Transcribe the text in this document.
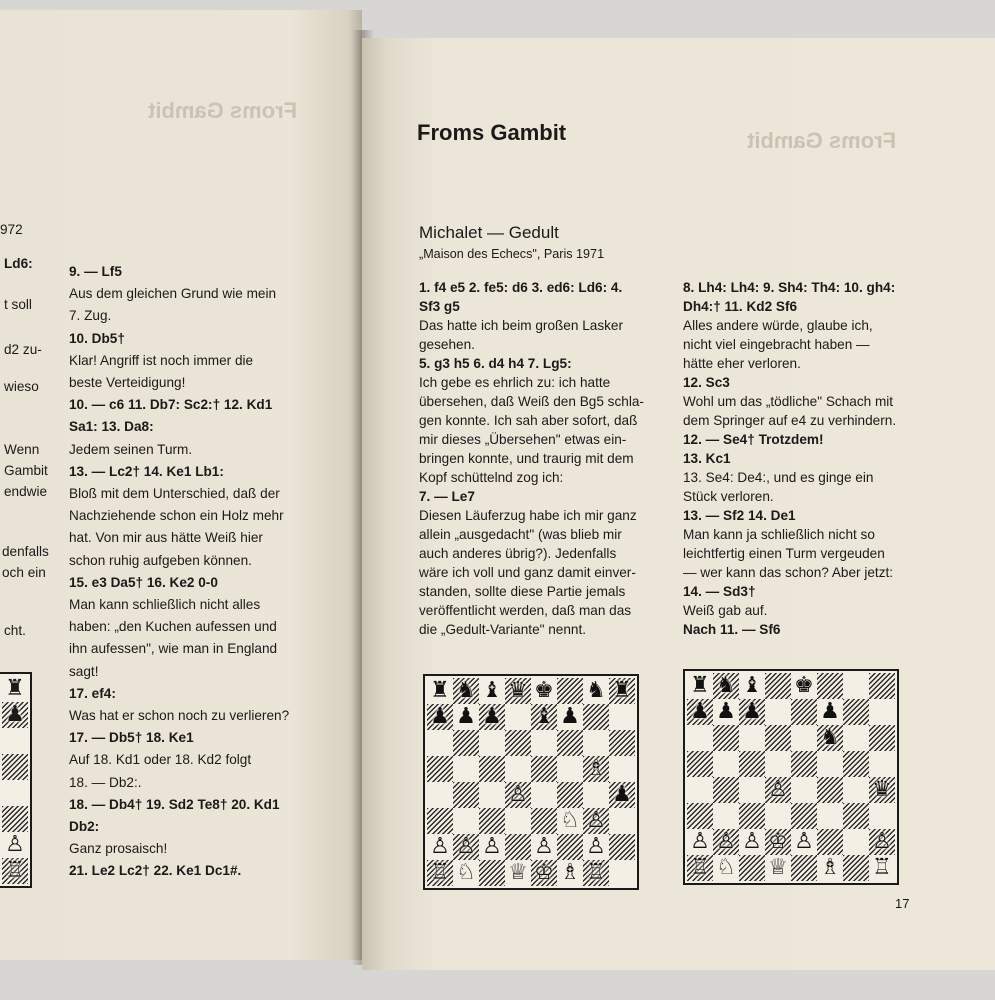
Froms Gambit
972
Ld6:
t soll
d2 zu-
wieso
Wenn
Gambit
endwie
denfalls
och ein
cht.
9. — Lf5
Aus dem gleichen Grund wie mein
7. Zug.
10. Db5†
Klar! Angriff ist noch immer die
beste Verteidigung!
10. — c6 11. Db7: Sc2:† 12. Kd1
Sa1: 13. Da8:
Jedem seinen Turm.
13. — Lc2† 14. Ke1 Lb1:
Bloß mit dem Unterschied, daß der
Nachziehende schon ein Holz mehr
hat. Von mir aus hätte Weiß hier
schon ruhig aufgeben können.
15. e3 Da5† 16. Ke2 0-0
Man kann schließlich nicht alles
haben: „den Kuchen aufessen und
ihn aufessen", wie man in England
sagt!
17. ef4:
Was hat er schon noch zu verlieren?
17. — Db5† 18. Ke1
Auf 18. Kd1 oder 18. Kd2 folgt
18. — Db2:.
18. — Db4† 19. Sd2 Te8† 20. Kd1
Db2:
Ganz prosaisch!
21. Le2 Lc2† 22. Ke1 Dc1#.
♜
♟
♙
♖
Froms Gambit
Froms Gambit
Michalet — Gedult
„Maison des Echecs", Paris 1971
1. f4 e5 2. fe5: d6 3. ed6: Ld6: 4.
Sf3 g5
Das hatte ich beim großen Lasker
gesehen.
5. g3 h5 6. d4 h4 7. Lg5:
Ich gebe es ehrlich zu: ich hatte
übersehen, daß Weiß den Bg5 schla-
gen konnte. Ich sah aber sofort, daß
mir dieses „Übersehen" etwas ein-
bringen konnte, und traurig mit dem
Kopf schüttelnd zog ich:
7. — Le7
Diesen Läuferzug habe ich mir ganz
allein „ausgedacht" (was blieb mir
auch anderes übrig?). Jedenfalls
wäre ich voll und ganz damit einver-
standen, sollte diese Partie jemals
veröffentlicht werden, daß man das
die „Gedult-Variante" nennt.
8. Lh4: Lh4: 9. Sh4: Th4: 10. gh4:
Dh4:† 11. Kd2 Sf6
Alles andere würde, glaube ich,
nicht viel eingebracht haben —
hätte eher verloren.
12. Sc3
Wohl um das „tödliche" Schach mit
dem Springer auf e4 zu verhindern.
12. — Se4† Trotzdem!
13. Kc1
13. Se4: De4:, und es ginge ein
Stück verloren.
13. — Sf2 14. De1
Man kann ja schließlich nicht so
leichtfertig einen Turm vergeuden
— wer kann das schon? Aber jetzt:
14. — Sd3†
Weiß gab auf.
Nach 11. — Sf6
♜ ♞ ♝ ♛ ♚ ♞ ♜
♟ ♟ ♟ ♝ ♟
♗
♙	♟
♘ ♙
♙ ♙ ♙ ♙ ♙
♖ ♘ ♕ ♔ ♗ ♖
♜ ♞ ♝ ♚
♟ ♟ ♟	♟
♞
♙	♛
♙ ♙ ♙ ♔ ♙	♙
♖ ♘ ♕ ♗ ♖
17
